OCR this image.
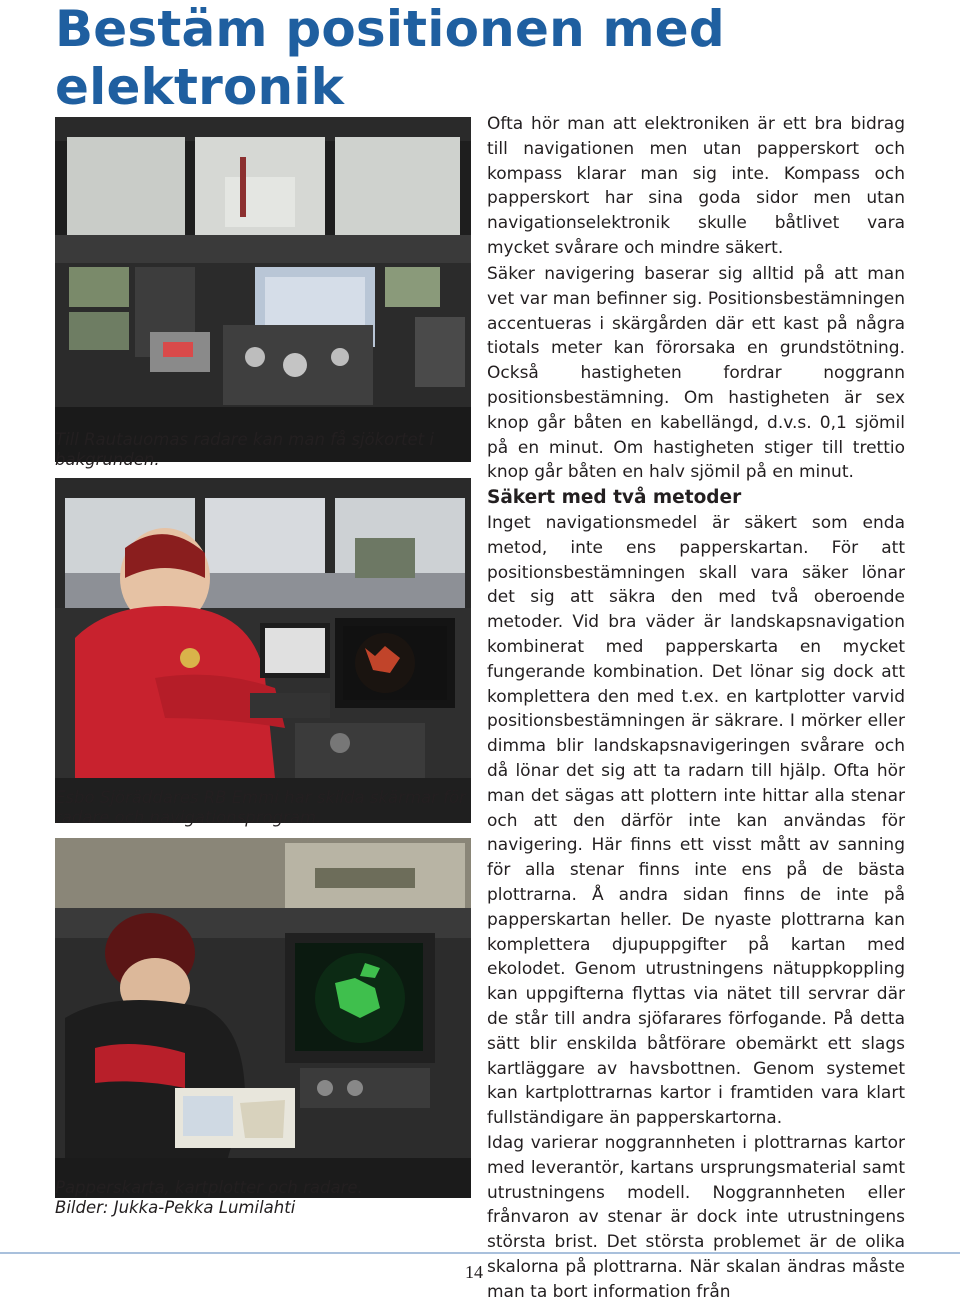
Bestäm positionen med elektronik

Till Rautauomas radare kan man få sjökortet i bakgrunden.

Esbo Sjöräddares RB Emmi har skilda skärmar för radare och navigationsprogram.

Papperskarta, kartplotter och radare.
Bilder: Jukka-Pekka Lumilahti

Ofta hör man att elektroniken är ett bra bidrag till navigationen men utan papperskort och kompass klarar man sig inte. Kompass och papperskort har sina goda sidor men utan navigationselektronik skulle båtlivet vara mycket svårare och mindre säkert.

Säker navigering baserar sig alltid på att man vet var man befinner sig. Positionsbestämningen accentueras i skärgården där ett kast på några tiotals meter kan förorsaka en grundstötning. Också hastigheten fordrar noggrann positionsbestämning. Om hastigheten är sex knop går båten en kabellängd, d.v.s. 0,1 sjömil på en minut. Om hastigheten stiger till trettio knop går båten en halv sjömil på en minut.

Säkert med två metoder

Inget navigationsmedel är säkert som enda metod, inte ens papperskartan. För att positionsbestämningen skall vara säker lönar det sig att säkra den med två oberoende metoder. Vid bra väder är landskapsnavigation kombinerat med papperskarta en mycket fungerande kombination. Det lönar sig dock att komplettera den med t.ex. en kartplotter varvid positionsbestämningen är säkrare. I mörker eller dimma blir landskapsnavigeringen svårare och då lönar det sig att ta radarn till hjälp. Ofta hör man det sägas att plottern inte hittar alla stenar och att den därför inte kan användas för navigering. Här finns ett visst mått av sanning för alla stenar finns inte ens på de bästa plottrarna. Å andra sidan finns de inte på papperskartan heller. De nyaste plottrarna kan komplettera djupuppgifter på kartan med ekolodet. Genom utrustningens nätuppkoppling kan uppgifterna flyttas via nätet till servrar där de står till andra sjöfarares förfogande. På detta sätt blir enskilda båtförare obemärkt ett slags kartläggare av havsbottnen. Genom systemet kan kartplottrarnas kartor i framtiden vara klart fullständigare än papperskartorna.

Idag varierar noggrannheten i plottrarnas kartor med leverantör, kartans ursprungsmaterial samt utrustningens modell. Noggrannheten eller frånvaron av stenar är dock inte utrustningens största brist. Det största problemet är de olika skalorna på plottrarna. När skalan ändras måste man ta bort information från

14
